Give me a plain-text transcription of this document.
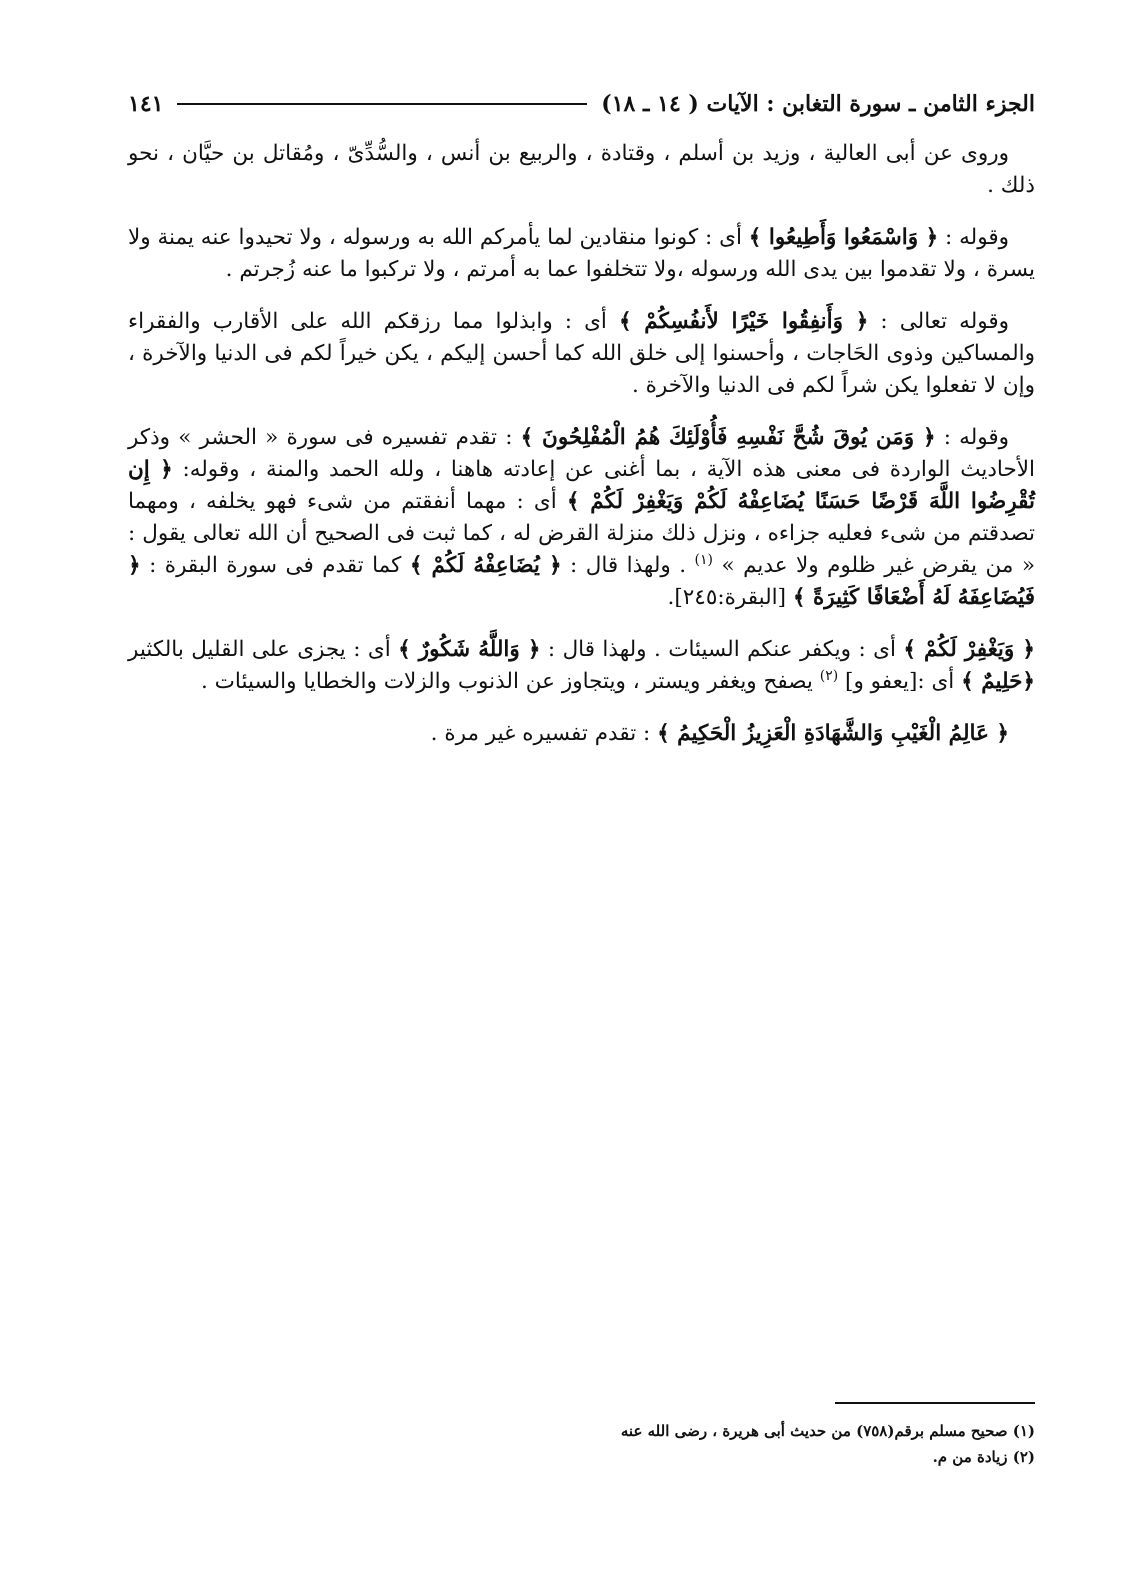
الجزء الثامن ـ سورة التغابن : الآيات ( ١٤ ـ ١٨)
١٤١

وروى عن أبى العالية ، وزيد بن أسلم ، وقتادة ، والربيع بن أنس ، والسُّدِّىّ ، ومُقاتل بن حيَّان ، نحو ذلك .

وقوله : ﴿ وَاسْمَعُوا وَأَطِيعُوا ﴾ أى : كونوا منقادين لما يأمركم الله به ورسوله ، ولا تحيدوا عنه يمنة ولا يسرة ، ولا تقدموا بين يدى الله ورسوله ،ولا تتخلفوا عما به أمرتم ، ولا تركبوا ما عنه زُجرتم .

وقوله تعالى : ﴿ وَأَنفِقُوا خَيْرًا لأَنفُسِكُمْ ﴾ أى : وابذلوا مما رزقكم الله على الأقارب والفقراء والمساكين وذوى الحَاجات ، وأحسنوا إلى خلق الله كما أحسن إليكم ، يكن خيراً لكم فى الدنيا والآخرة ، وإن لا تفعلوا يكن شراً لكم فى الدنيا والآخرة .

وقوله : ﴿ وَمَن يُوقَ شُحَّ نَفْسِهِ فَأُوْلَئِكَ هُمُ الْمُفْلِحُونَ ﴾ : تقدم تفسيره فى سورة « الحشر » وذكر الأحاديث الواردة فى معنى هذه الآية ، بما أغنى عن إعادته هاهنا ، ولله الحمد والمنة ، وقوله: ﴿ إِن تُقْرِضُوا اللَّهَ قَرْضًا حَسَنًا يُضَاعِفْهُ لَكُمْ وَيَغْفِرْ لَكُمْ ﴾ أى : مهما أنفقتم من شىء فهو يخلفه ، ومهما تصدقتم من شىء فعليه جزاءه ، ونزل ذلك منزلة القرض له ، كما ثبت فى الصحيح أن الله تعالى يقول : « من يقرض غير ظلوم ولا عديم » $^{(١)}$ . ولهذا قال : ﴿ يُضَاعِفْهُ لَكُمْ ﴾ كما تقدم فى سورة البقرة : ﴿ فَيُضَاعِفَهُ لَهُ أَضْعَافًا كَثِيرَةً ﴾ [البقرة:٢٤٥].

﴿ وَيَغْفِرْ لَكُمْ ﴾ أى : ويكفر عنكم السيئات . ولهذا قال : ﴿ وَاللَّهُ شَكُورٌ ﴾ أى : يجزى على القليل بالكثير ﴿حَلِيمٌ ﴾ أى :[يعفو و] $^{(٢)}$ يصفح ويغفر ويستر ، ويتجاوز عن الذنوب والزلات والخطايا والسيئات .

﴿ عَالِمُ الْغَيْبِ وَالشَّهَادَةِ الْعَزِيزُ الْحَكِيمُ ﴾ : تقدم تفسيره غير مرة .

(١) صحيح مسلم برقم(٧٥٨) من حديث أبى هريرة ، رضى الله عنه
(٢) زيادة من م.
